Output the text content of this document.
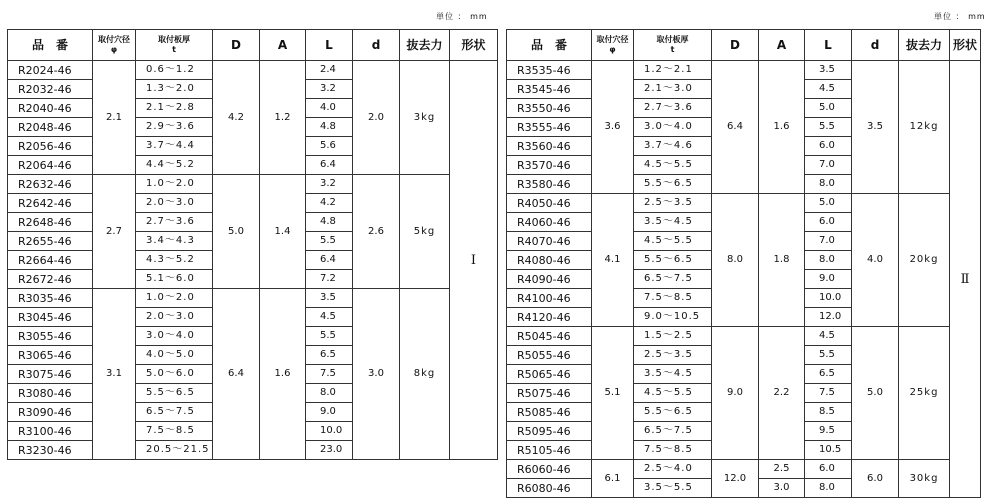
単位 ： mm	単位 ： mm
品　番	取付穴径
φ	取付板厚
t	D	A	L	d	抜去力	形状
R2024-46	2.1	0.6～1.2	4.2	1.2	2.4	2.0	3kg	Ⅰ
R2032-46		1.3～2.0			3.2			
R2040-46		2.1～2.8			4.0			
R2048-46		2.9～3.6			4.8			
R2056-46		3.7～4.4			5.6			
R2064-46		4.4～5.2			6.4			
R2632-46	2.7	1.0～2.0	5.0	1.4	3.2	2.6	5kg	
R2642-46		2.0～3.0			4.2			
R2648-46		2.7～3.6			4.8			
R2655-46		3.4～4.3			5.5			
R2664-46		4.3～5.2			6.4			
R2672-46		5.1～6.0			7.2			
R3035-46	3.1	1.0～2.0	6.4	1.6	3.5	3.0	8kg	
R3045-46		2.0～3.0			4.5			
R3055-46		3.0～4.0			5.5			
R3065-46		4.0～5.0			6.5			
R3075-46		5.0～6.0			7.5			
R3080-46		5.5～6.5			8.0			
R3090-46		6.5～7.5			9.0			
R3100-46		7.5～8.5			10.0			
R3230-46		20.5～21.5			23.0			
品　番	取付穴径
φ	取付板厚
t	D	A	L	d	抜去力	形状
R3535-46	3.6	1.2～2.1	6.4	1.6	3.5	3.5	12kg	Ⅱ
R3545-46		2.1～3.0			4.5			
R3550-46		2.7～3.6			5.0			
R3555-46		3.0～4.0			5.5			
R3560-46		3.7～4.6			6.0			
R3570-46		4.5～5.5			7.0			
R3580-46		5.5～6.5			8.0			
R4050-46	4.1	2.5～3.5	8.0	1.8	5.0	4.0	20kg	
R4060-46		3.5～4.5			6.0			
R4070-46		4.5～5.5			7.0			
R4080-46		5.5～6.5			8.0			
R4090-46		6.5～7.5			9.0			
R4100-46		7.5～8.5			10.0			
R4120-46		9.0～10.5			12.0			
R5045-46	5.1	1.5～2.5	9.0	2.2	4.5	5.0	25kg	
R5055-46		2.5～3.5			5.5			
R5065-46		3.5～4.5			6.5			
R5075-46		4.5～5.5			7.5			
R5085-46		5.5～6.5			8.5			
R5095-46		6.5～7.5			9.5			
R5105-46		7.5～8.5			10.5			
R6060-46	6.1	2.5～4.0	12.0	2.5	6.0	6.0	30kg	
R6080-46		3.5～5.5		3.0	8.0			
